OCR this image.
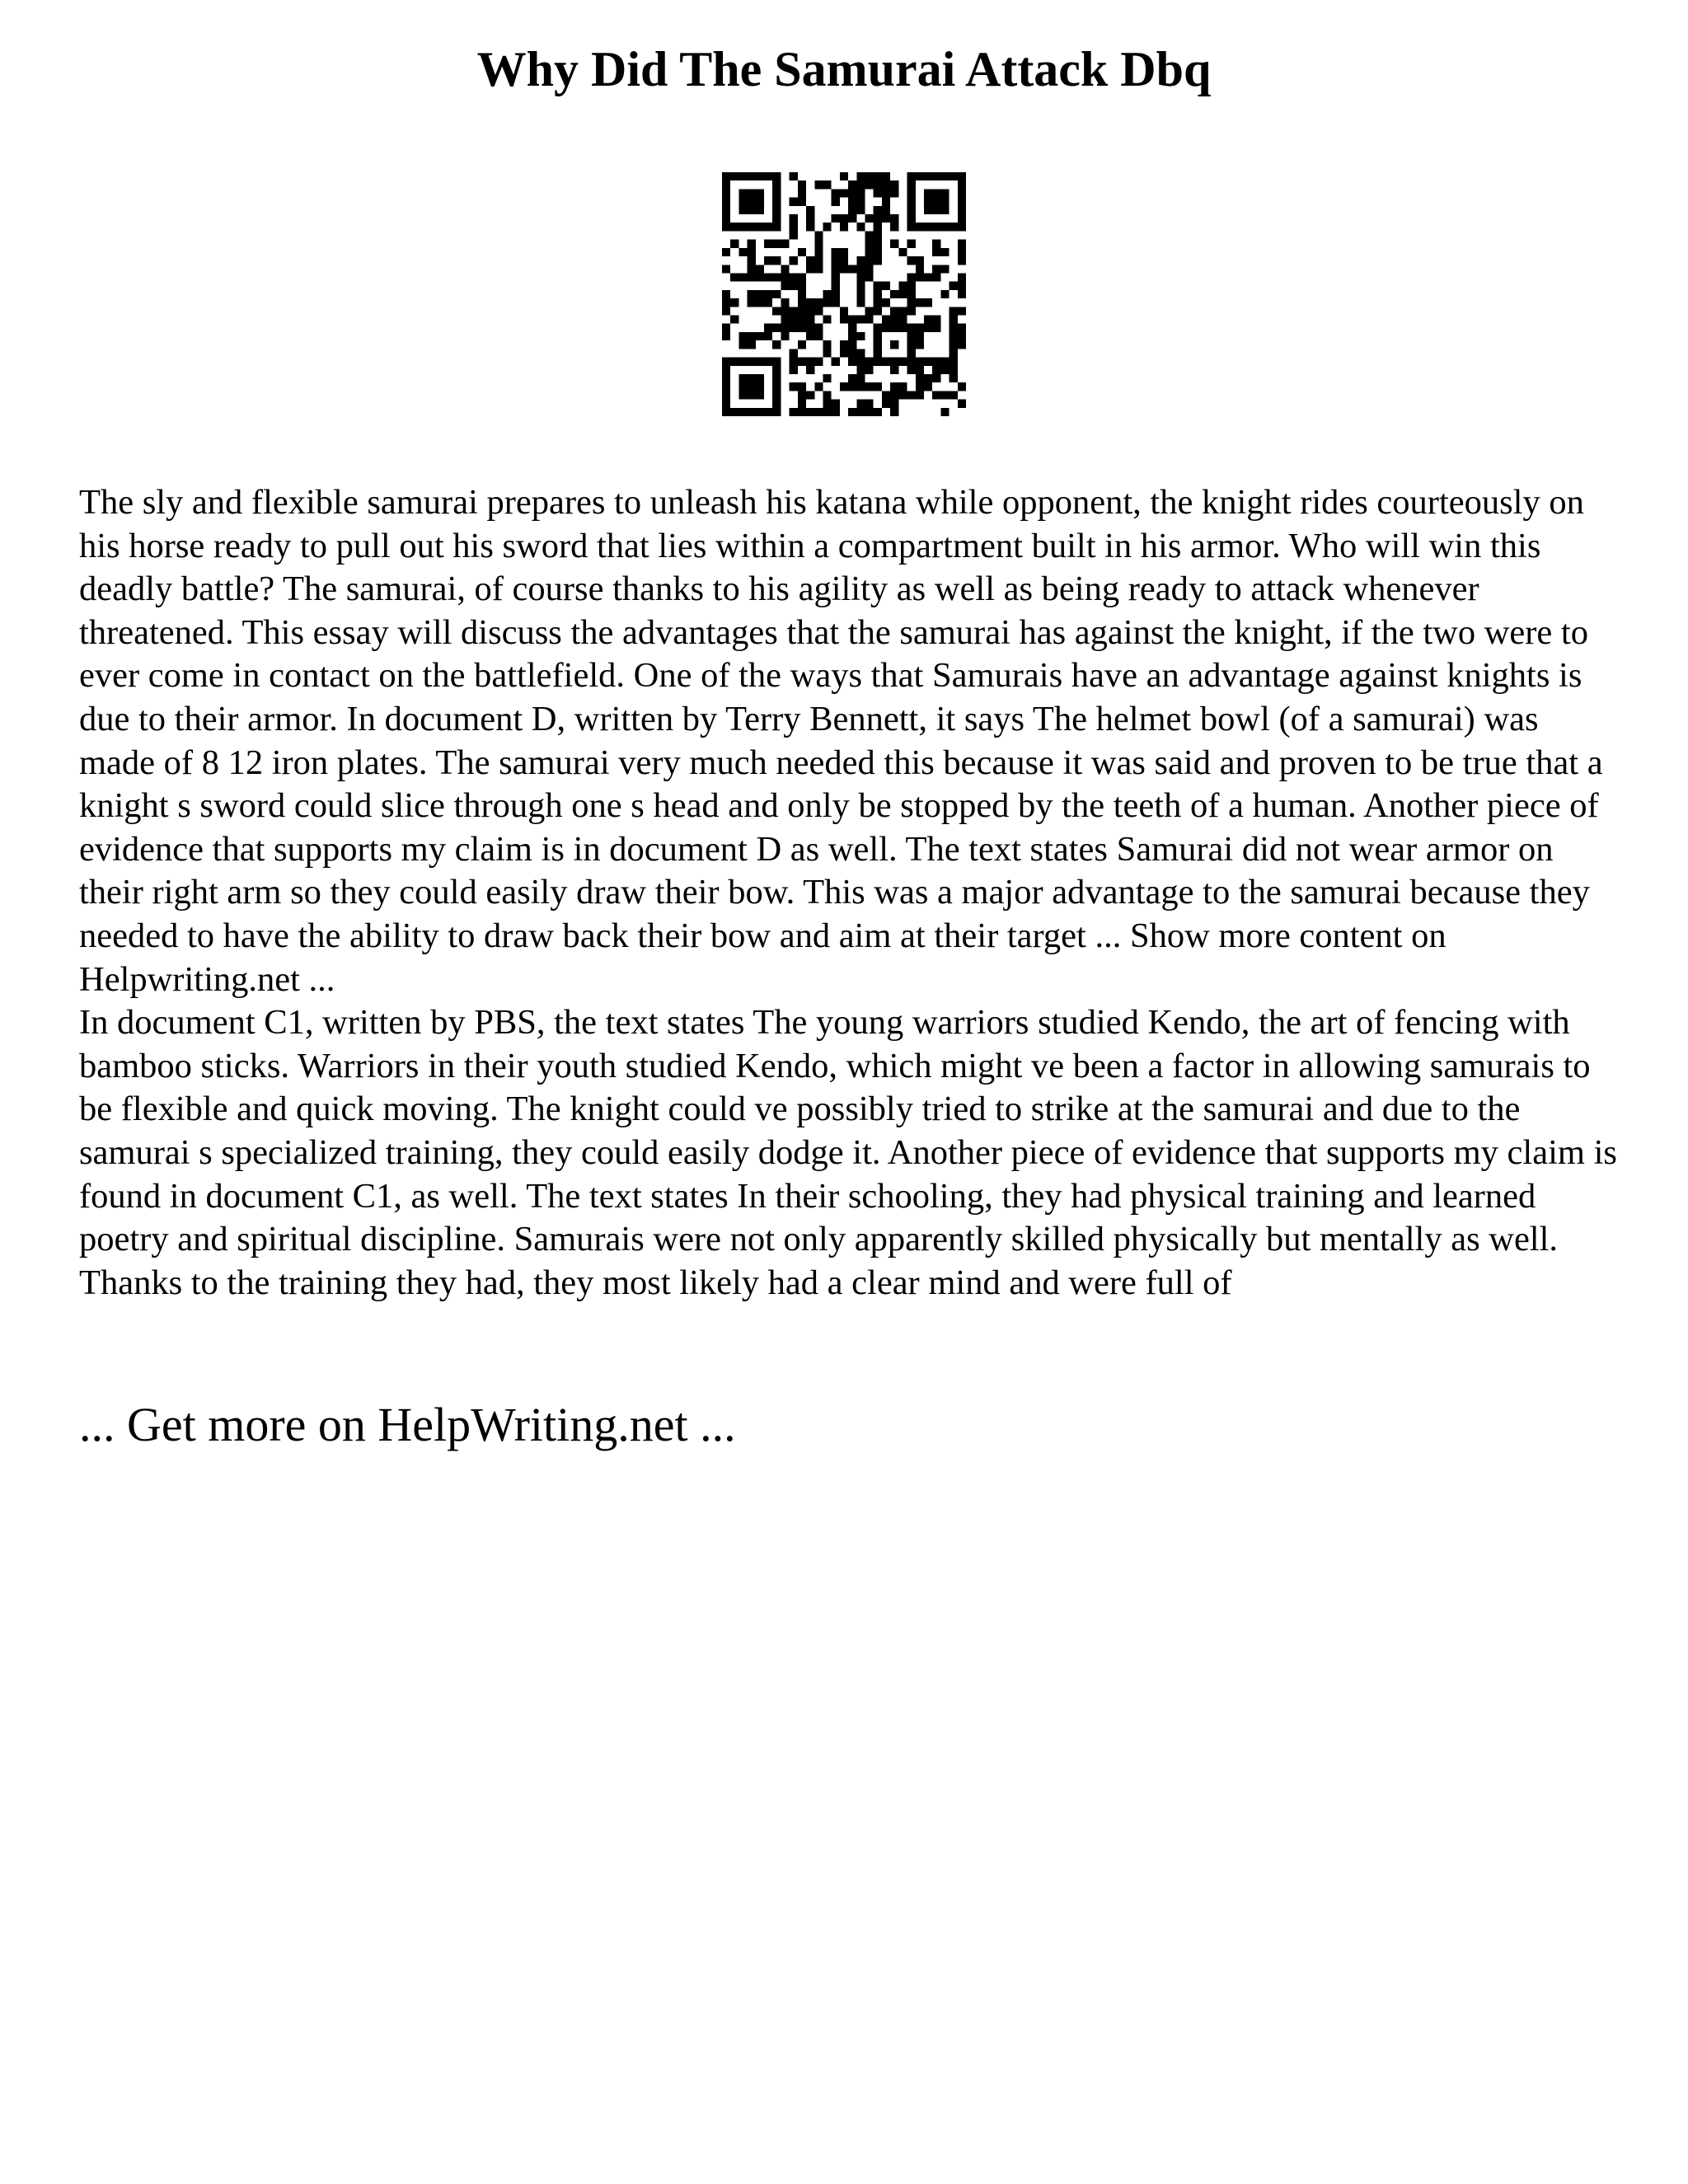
Why Did The Samurai Attack Dbq

The sly and flexible samurai prepares to unleash his katana while opponent, the knight rides courteously on his horse ready to pull out his sword that lies within a compartment built in his armor. Who will win this deadly battle? The samurai, of course thanks to his agility as well as being ready to attack whenever threatened. This essay will discuss the advantages that the samurai has against the knight, if the two were to ever come in contact on the battlefield. One of the ways that Samurais have an advantage against knights is due to their armor. In document D, written by Terry Bennett, it says The helmet bowl (of a samurai) was made of 8 12 iron plates. The samurai very much needed this because it was said and proven to be true that a knight s sword could slice through one s head and only be stopped by the teeth of a human. Another piece of evidence that supports my claim is in document D as well. The text states Samurai did not wear armor on their right arm so they could easily draw their bow. This was a major advantage to the samurai because they needed to have the ability to draw back their bow and aim at their target ... Show more content on Helpwriting.net ...

In document C1, written by PBS, the text states The young warriors studied Kendo, the art of fencing with bamboo sticks. Warriors in their youth studied Kendo, which might ve been a factor in allowing samurais to be flexible and quick moving. The knight could ve possibly tried to strike at the samurai and due to the samurai s specialized training, they could easily dodge it. Another piece of evidence that supports my claim is found in document C1, as well. The text states In their schooling, they had physical training and learned poetry and spiritual discipline. Samurais were not only apparently skilled physically but mentally as well. Thanks to the training they had, they most likely had a clear mind and were full of

... Get more on HelpWriting.net ...
